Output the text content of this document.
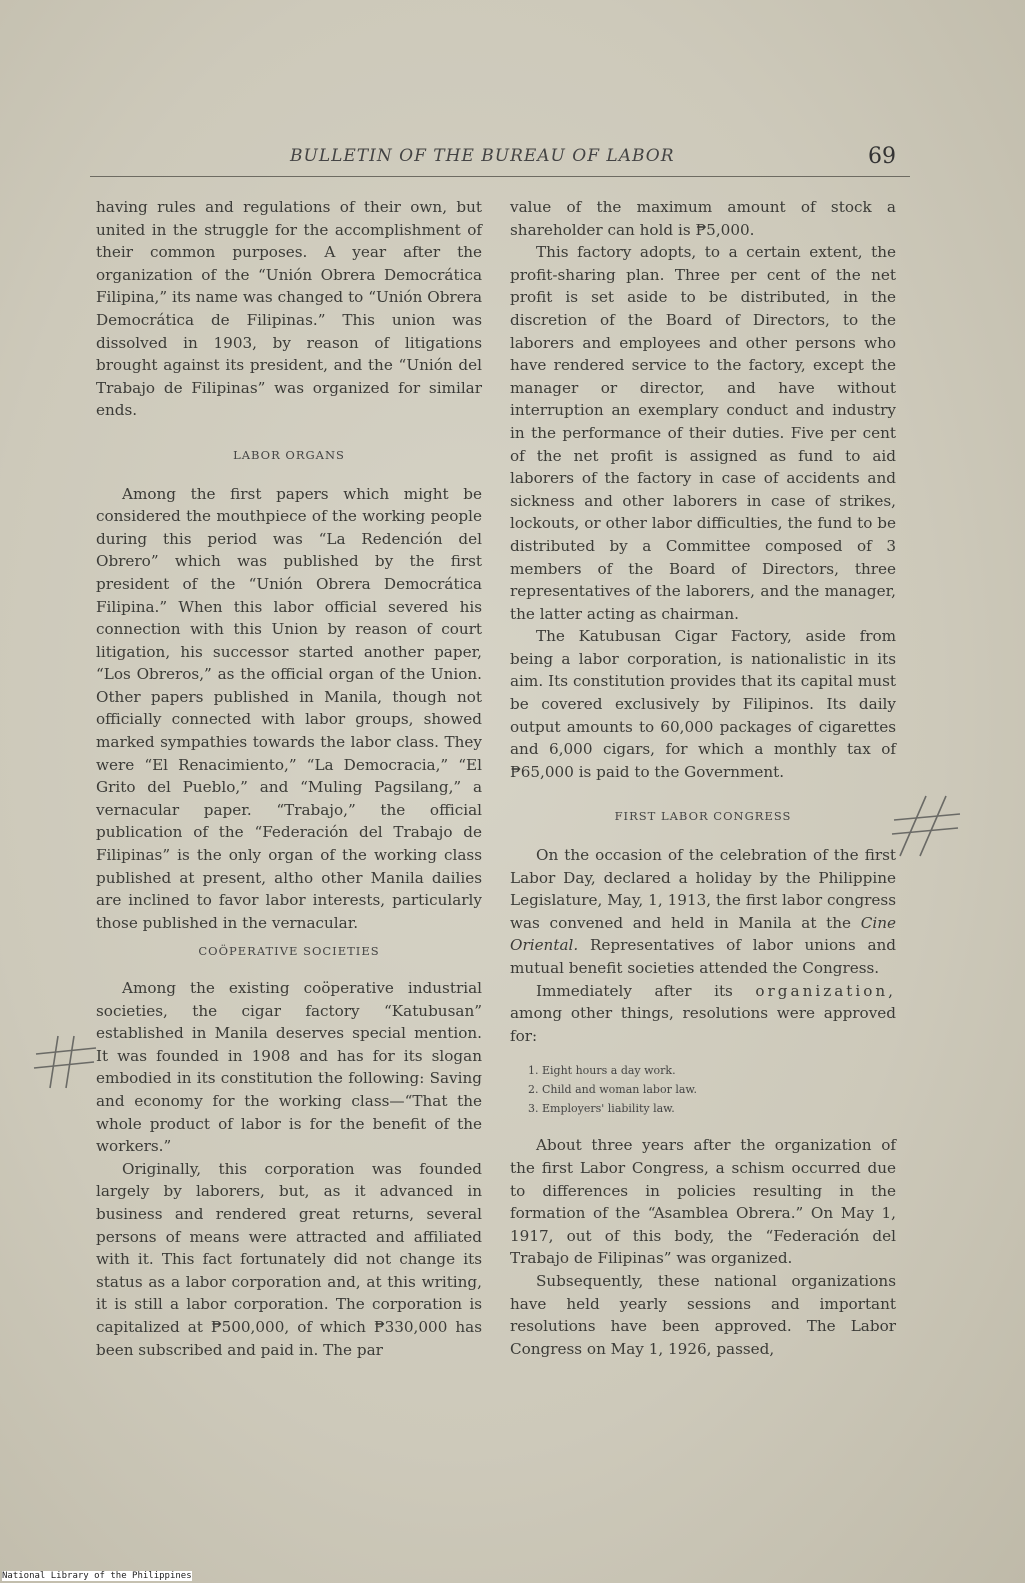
BULLETIN OF THE BUREAU OF LABOR	69

having rules and regulations of their own, but united in the struggle for the accomplishment of their common purposes. A year after the organization of the “Unión Obrera Democrática Filipina,” its name was changed to “Unión Obrera Democrática de Filipinas.” This union was dissolved in 1903, by reason of litigations brought against its president, and the “Unión del Trabajo de Filipinas” was organized for similar ends.

LABOR ORGANS

Among the first papers which might be considered the mouthpiece of the working people during this period was “La Redención del Obrero” which was published by the first president of the “Unión Obrera Democrática Filipina.” When this labor official severed his connection with this Union by reason of court litigation, his successor started another paper, “Los Obreros,” as the official organ of the Union. Other papers published in Manila, though not officially connected with labor groups, showed marked sympathies towards the labor class. They were “El Renacimiento,” “La Democracia,” “El Grito del Pueblo,” and “Muling Pagsilang,” a vernacular paper. “Trabajo,” the official publication of the “Federación del Trabajo de Filipinas” is the only organ of the working class published at present, altho other Manila dailies are inclined to favor labor interests, particularly those published in the vernacular.

COÖPERATIVE SOCIETIES

Among the existing coöperative industrial societies, the cigar factory “Katubusan” established in Manila deserves special mention. It was founded in 1908 and has for its slogan embodied in its constitution the following: Saving and economy for the working class—“That the whole product of labor is for the benefit of the workers.”

Originally, this corporation was founded largely by laborers, but, as it advanced in business and rendered great returns, several persons of means were attracted and affiliated with it. This fact fortunately did not change its status as a labor corporation and, at this writing, it is still a labor corporation. The corporation is capitalized at ₱500,000, of which ₱330,000 has been subscribed and paid in. The par

value of the maximum amount of stock a shareholder can hold is ₱5,000.

This factory adopts, to a certain extent, the profit-sharing plan. Three per cent of the net profit is set aside to be distributed, in the discretion of the Board of Directors, to the laborers and employees and other persons who have rendered service to the factory, except the manager or director, and have without interruption an exemplary conduct and industry in the performance of their duties. Five per cent of the net profit is assigned as fund to aid laborers of the factory in case of accidents and sickness and other laborers in case of strikes, lockouts, or other labor difficulties, the fund to be distributed by a Committee composed of 3 members of the Board of Directors, three representatives of the laborers, and the manager, the latter acting as chairman.

The Katubusan Cigar Factory, aside from being a labor corporation, is nationalistic in its aim. Its constitution provides that its capital must be covered exclusively by Filipinos. Its daily output amounts to 60,000 packages of cigarettes and 6,000 cigars, for which a monthly tax of ₱65,000 is paid to the Government.

FIRST LABOR CONGRESS

On the occasion of the celebration of the first Labor Day, declared a holiday by the Philippine Legislature, May, 1, 1913, the first labor congress was convened and held in Manila at the Cine Oriental. Representatives of labor unions and mutual benefit societies attended the Congress.

Immediately after its organization, among other things, resolutions were approved for:

1. Eight hours a day work.
2. Child and woman labor law.
3. Employers' liability law.

About three years after the organization of the first Labor Congress, a schism occurred due to differences in policies resulting in the formation of the “Asamblea Obrera.” On May 1, 1917, out of this body, the “Federación del Trabajo de Filipinas” was organized.

Subsequently, these national organizations have held yearly sessions and important resolutions have been approved. The Labor Congress on May 1, 1926, passed,

National Library of the Philippines
